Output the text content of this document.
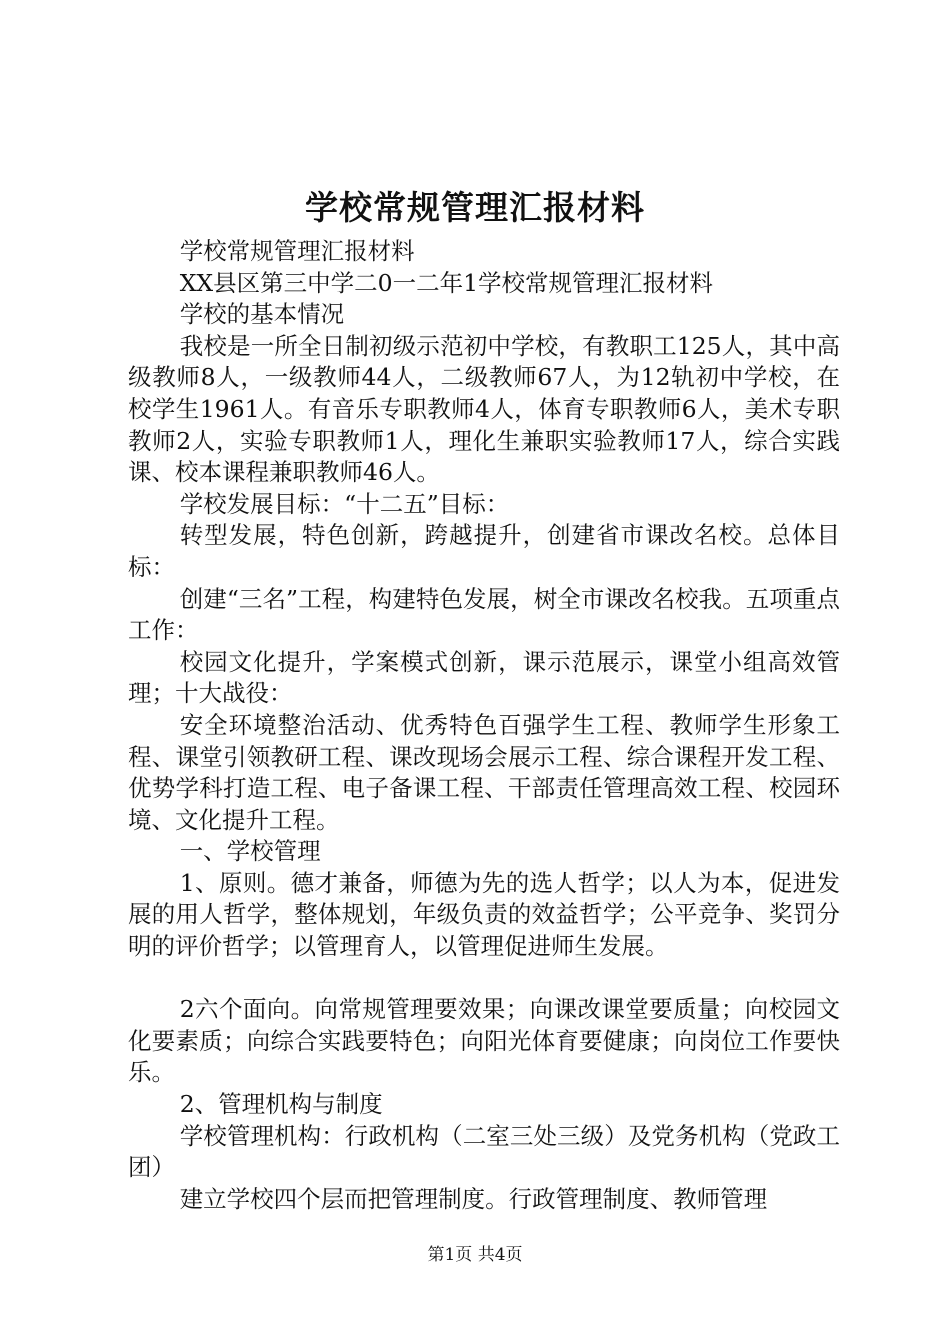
学校常规管理汇报材料

学校常规管理汇报材料

XX县区第三中学二0一二年1学校常规管理汇报材料

学校的基本情况

我校是一所全日制初级示范初中学校，有教职工125人，其中高级教师8人，一级教师44人，二级教师67人，为12轨初中学校，在校学生1961人。有音乐专职教师4人，体育专职教师6人，美术专职教师2人，实验专职教师1人，理化生兼职实验教师17人，综合实践课、校本课程兼职教师46人。

学校发展目标：“十二五”目标：

转型发展，特色创新，跨越提升，创建省市课改名校。总体目标：

创建“三名”工程，构建特色发展，树全市课改名校我。五项重点工作：

校园文化提升，学案模式创新，课示范展示，课堂小组高效管理；十大战役：

安全环境整治活动、优秀特色百强学生工程、教师学生形象工程、课堂引领教研工程、课改现场会展示工程、综合课程开发工程、优势学科打造工程、电子备课工程、干部责任管理高效工程、校园环境、文化提升工程。

一、学校管理

1、原则。德才兼备，师德为先的选人哲学；以人为本，促进发展的用人哲学，整体规划，年级负责的效益哲学；公平竞争、奖罚分明的评价哲学；以管理育人，以管理促进师生发展。

2六个面向。向常规管理要效果；向课改课堂要质量；向校园文化要素质；向综合实践要特色；向阳光体育要健康；向岗位工作要快乐。

2、管理机构与制度

学校管理机构：行政机构（二室三处三级）及党务机构（党政工团）

建立学校四个层而把管理制度。行政管理制度、教师管理

第1页 共4页
